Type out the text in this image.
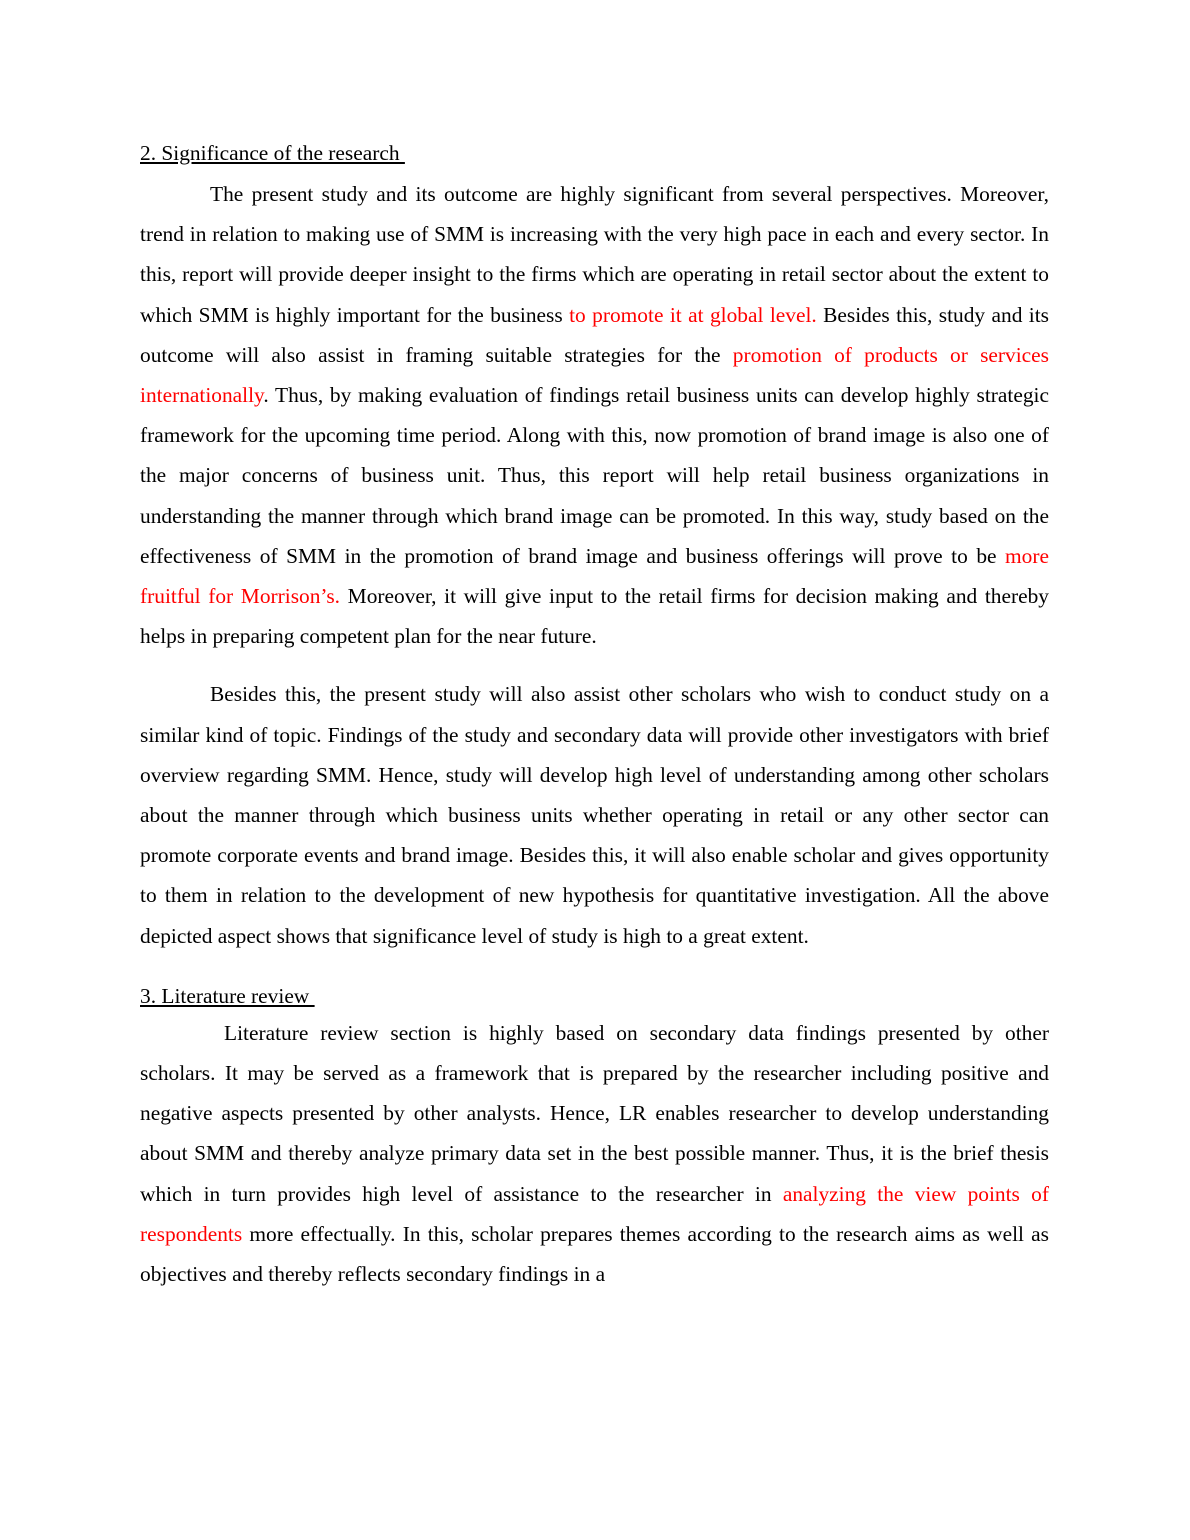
2. Significance of the research

The present study and its outcome are highly significant from several perspectives. Moreover, trend in relation to making use of SMM is increasing with the very high pace in each and every sector. In this, report will provide deeper insight to the firms which are operating in retail sector about the extent to which SMM is highly important for the business to promote it at global level. Besides this, study and its outcome will also assist in framing suitable strategies for the promotion of products or services internationally. Thus, by making evaluation of findings retail business units can develop highly strategic framework for the upcoming time period. Along with this, now promotion of brand image is also one of the major concerns of business unit. Thus, this report will help retail business organizations in understanding the manner through which brand image can be promoted. In this way, study based on the effectiveness of SMM in the promotion of brand image and business offerings will prove to be more fruitful for Morrison’s. Moreover, it will give input to the retail firms for decision making and thereby helps in preparing competent plan for the near future.

Besides this, the present study will also assist other scholars who wish to conduct study on a similar kind of topic. Findings of the study and secondary data will provide other investigators with brief overview regarding SMM. Hence, study will develop high level of understanding among other scholars about the manner through which business units whether operating in retail or any other sector can promote corporate events and brand image. Besides this, it will also enable scholar and gives opportunity to them in relation to the development of new hypothesis for quantitative investigation. All the above depicted aspect shows that significance level of study is high to a great extent.

3. Literature review

Literature review section is highly based on secondary data findings presented by other scholars. It may be served as a framework that is prepared by the researcher including positive and negative aspects presented by other analysts. Hence, LR enables researcher to develop understanding about SMM and thereby analyze primary data set in the best possible manner. Thus, it is the brief thesis which in turn provides high level of assistance to the researcher in analyzing the view points of respondents more effectually. In this, scholar prepares themes according to the research aims as well as objectives and thereby reflects secondary findings in a
